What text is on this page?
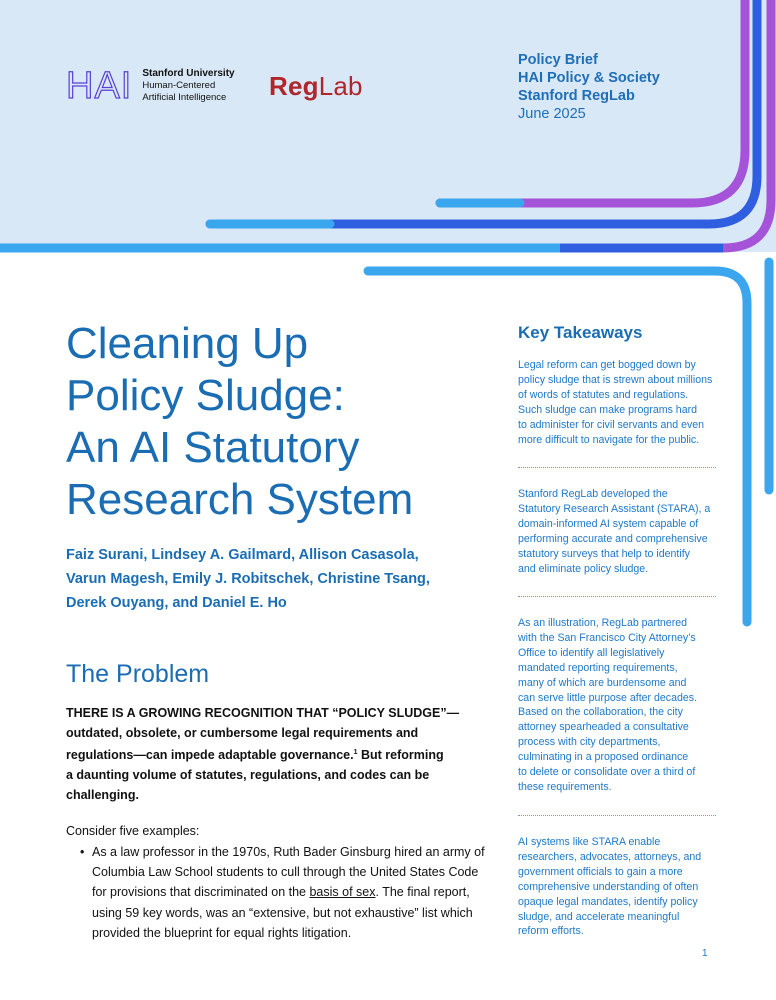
HAI Stanford University
Human-Centered
Artificial Intelligence	RegLab
Policy Brief
HAI Policy & Society
Stanford RegLab
June 2025
Cleaning Up
Policy Sludge:
An AI Statutory
Research System

Faiz Surani, Lindsey A. Gailmard, Allison Casasola,
Varun Magesh, Emily J. Robitschek, Christine Tsang,
Derek Ouyang, and Daniel E. Ho

The Problem

THERE IS A GROWING RECOGNITION THAT “POLICY SLUDGE”—
outdated, obsolete, or cumbersome legal requirements and
regulations—can impede adaptable governance.$^1$ But reforming
a daunting volume of statutes, regulations, and codes can be
challenging.

Consider five examples:

• As a law professor in the 1970s, Ruth Bader Ginsburg hired an army of
Columbia Law School students to cull through the United States Code
for provisions that discriminated on the basis of sex. The final report,
using 59 key words, was an “extensive, but not exhaustive” list which
provided the blueprint for equal rights litigation.
Key Takeaways

Legal reform can get bogged down by
policy sludge that is strewn about millions
of words of statutes and regulations.
Such sludge can make programs hard
to administer for civil servants and even
more difficult to navigate for the public.

Stanford RegLab developed the
Statutory Research Assistant (STARA), a
domain-informed AI system capable of
performing accurate and comprehensive
statutory surveys that help to identify
and eliminate policy sludge.

As an illustration, RegLab partnered
with the San Francisco City Attorney’s
Office to identify all legislatively
mandated reporting requirements,
many of which are burdensome and
can serve little purpose after decades.
Based on the collaboration, the city
attorney spearheaded a consultative
process with city departments,
culminating in a proposed ordinance
to delete or consolidate over a third of
these requirements.

AI systems like STARA enable
researchers, advocates, attorneys, and
government officials to gain a more
comprehensive understanding of often
opaque legal mandates, identify policy
sludge, and accelerate meaningful
reform efforts.

1
